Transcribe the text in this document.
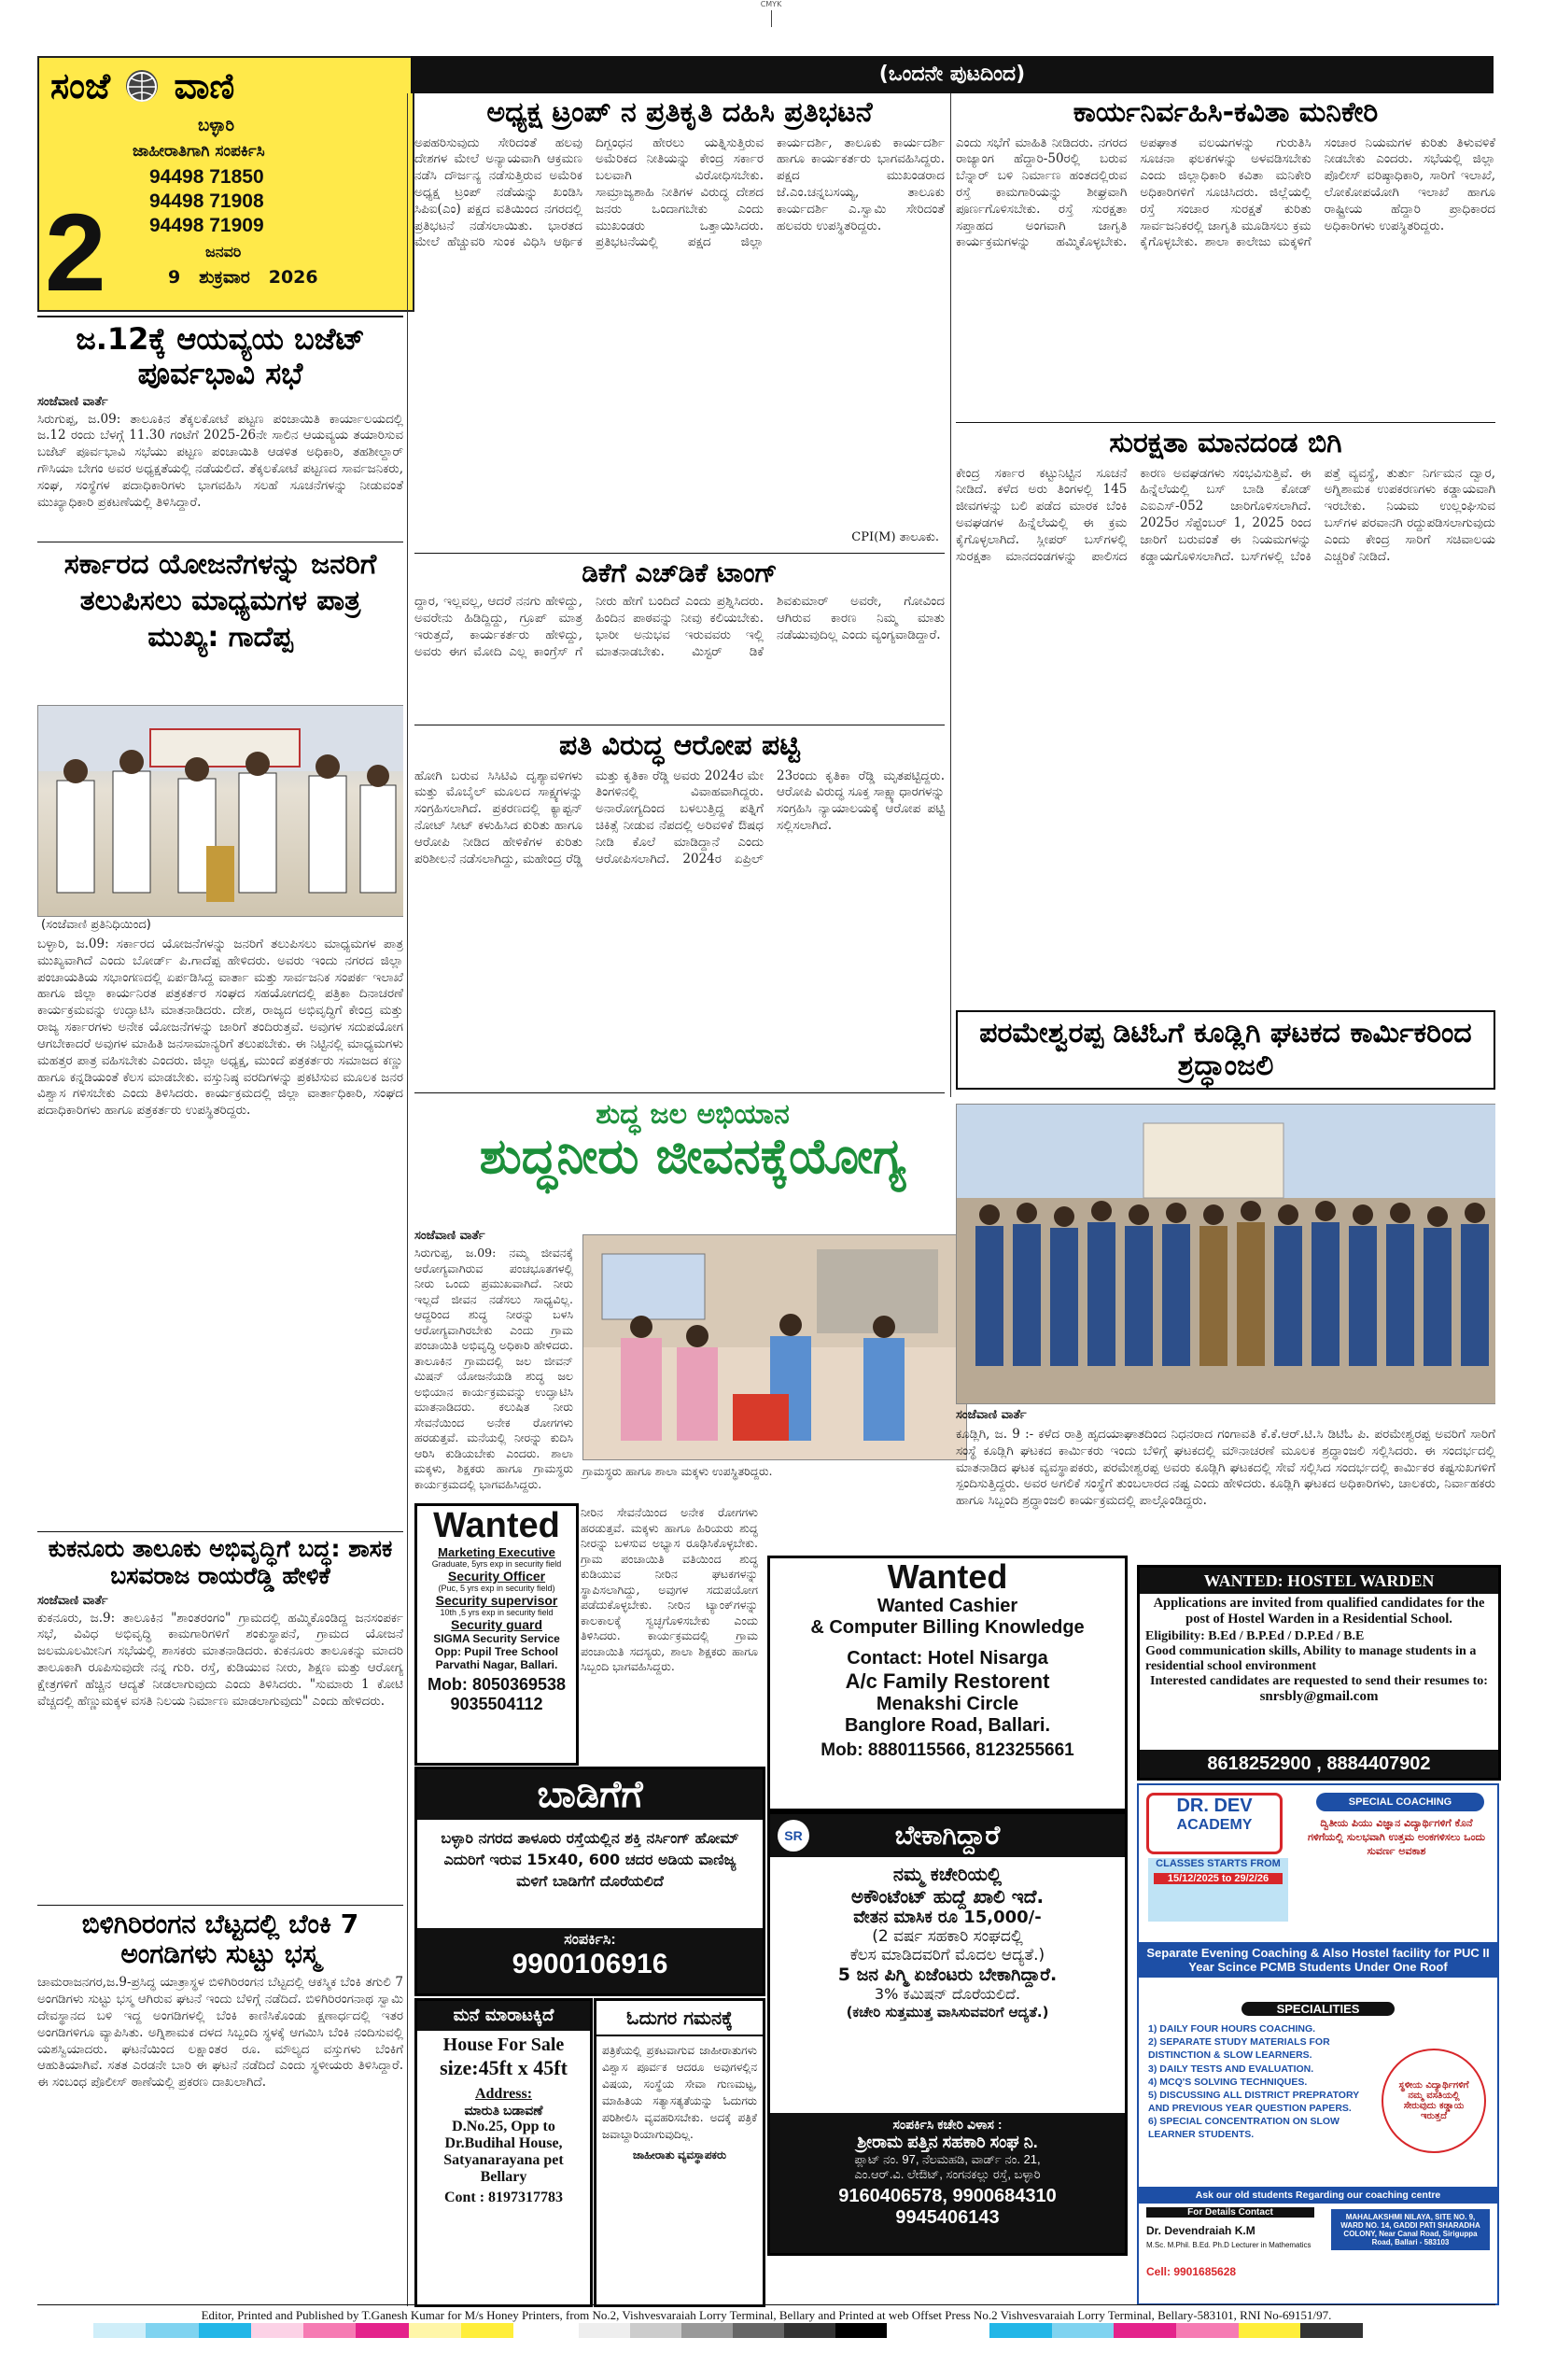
CMYK
ಸಂಜೆ ವಾಣಿ
ಬಳ್ಳಾರಿ
ಜಾಹೀರಾತಿಗಾಗಿ ಸಂಪರ್ಕಿಸಿ
94498 71850
94498 71908
94498 71909
2	ಜನವರಿ
9 ಶುಕ್ರವಾರ 2026
(ಒಂದನೇ ಪುಟದಿಂದ)
ಜ.12ಕ್ಕೆ ಆಯವ್ಯಯ ಬಜೆಟ್ ಪೂರ್ವಭಾವಿ ಸಭೆ
ಸಂಜೆವಾಣಿ ವಾರ್ತೆ
ಸಿರುಗುಪ್ಪ, ಜ.09: ತಾಲೂಕಿನ ತೆಕ್ಕಲಕೋಟೆ ಪಟ್ಟಣ ಪಂಚಾಯಿತಿ ಕಾರ್ಯಾಲಯದಲ್ಲಿ ಜ.12 ರಂದು ಬೆಳಗ್ಗೆ 11.30 ಗಂಟೆಗೆ 2025-26ನೇ ಸಾಲಿನ ಆಯವ್ಯಯ ತಯಾರಿಸುವ ಬಜೆಟ್ ಪೂರ್ವಭಾವಿ ಸಭೆಯು ಪಟ್ಟಣ ಪಂಚಾಯಿತಿ ಆಡಳಿತ ಅಧಿಕಾರಿ, ತಹಶೀಲ್ದಾರ್ ಗೌಸಿಯಾ ಬೇಗಂ ಅವರ ಅಧ್ಯಕ್ಷತೆಯಲ್ಲಿ ನಡೆಯಲಿದೆ. ತೆಕ್ಕಲಕೋಟೆ ಪಟ್ಟಣದ ಸಾರ್ವಜನಿಕರು, ಸಂಘ, ಸಂಸ್ಥೆಗಳ ಪದಾಧಿಕಾರಿಗಳು ಭಾಗವಹಿಸಿ ಸಲಹೆ ಸೂಚನೆಗಳನ್ನು ನೀಡುವಂತೆ ಮುಖ್ಯಾಧಿಕಾರಿ ಪ್ರಕಟಣೆಯಲ್ಲಿ ತಿಳಿಸಿದ್ದಾರೆ.
ಸರ್ಕಾರದ ಯೋಜನೆಗಳನ್ನು ಜನರಿಗೆ ತಲುಪಿಸಲು ಮಾಧ್ಯಮಗಳ ಪಾತ್ರ ಮುಖ್ಯ: ಗಾದೆಪ್ಪ
(ಸಂಜೆವಾಣಿ ಪ್ರತಿನಿಧಿಯಿಂದ)
ಬಳ್ಳಾರಿ, ಜ.09: ಸರ್ಕಾರದ ಯೋಜನೆಗಳನ್ನು ಜನರಿಗೆ ತಲುಪಿಸಲು ಮಾಧ್ಯಮಗಳ ಪಾತ್ರ ಮುಖ್ಯವಾಗಿದೆ ಎಂದು ಬೋರ್ಡ್ ಪಿ.ಗಾದೆಪ್ಪ ಹೇಳಿದರು. ಅವರು ಇಂದು ನಗರದ ಜಿಲ್ಲಾ ಪಂಚಾಯತಿಯ ಸಭಾಂಗಣದಲ್ಲಿ ಏರ್ಪಡಿಸಿದ್ದ ವಾರ್ತಾ ಮತ್ತು ಸಾರ್ವಜನಿಕ ಸಂಪರ್ಕ ಇಲಾಖೆ ಹಾಗೂ ಜಿಲ್ಲಾ ಕಾರ್ಯನಿರತ ಪತ್ರಕರ್ತರ ಸಂಘದ ಸಹಯೋಗದಲ್ಲಿ ಪತ್ರಿಕಾ ದಿನಾಚರಣೆ ಕಾರ್ಯಕ್ರಮವನ್ನು ಉದ್ಘಾಟಿಸಿ ಮಾತನಾಡಿದರು. ದೇಶ, ರಾಜ್ಯದ ಅಭಿವೃದ್ಧಿಗೆ ಕೇಂದ್ರ ಮತ್ತು ರಾಜ್ಯ ಸರ್ಕಾರಗಳು ಅನೇಕ ಯೋಜನೆಗಳನ್ನು ಜಾರಿಗೆ ತಂದಿರುತ್ತವೆ. ಅವುಗಳ ಸದುಪಯೋಗ ಆಗಬೇಕಾದರೆ ಅವುಗಳ ಮಾಹಿತಿ ಜನಸಾಮಾನ್ಯರಿಗೆ ತಲುಪಬೇಕು. ಈ ನಿಟ್ಟಿನಲ್ಲಿ ಮಾಧ್ಯಮಗಳು ಮಹತ್ತರ ಪಾತ್ರ ವಹಿಸಬೇಕು ಎಂದರು. ಜಿಲ್ಲಾ ಅಧ್ಯಕ್ಷ, ಮುಂದೆ ಪತ್ರಕರ್ತರು ಸಮಾಜದ ಕಣ್ಣು ಹಾಗೂ ಕನ್ನಡಿಯಂತೆ ಕೆಲಸ ಮಾಡಬೇಕು. ವಸ್ತುನಿಷ್ಠ ವರದಿಗಳನ್ನು ಪ್ರಕಟಿಸುವ ಮೂಲಕ ಜನರ ವಿಶ್ವಾಸ ಗಳಿಸಬೇಕು ಎಂದು ತಿಳಿಸಿದರು. ಕಾರ್ಯಕ್ರಮದಲ್ಲಿ ಜಿಲ್ಲಾ ವಾರ್ತಾಧಿಕಾರಿ, ಸಂಘದ ಪದಾಧಿಕಾರಿಗಳು ಹಾಗೂ ಪತ್ರಕರ್ತರು ಉಪಸ್ಥಿತರಿದ್ದರು.
ಕುಕನೂರು ತಾಲೂಕು ಅಭಿವೃದ್ಧಿಗೆ ಬದ್ಧ: ಶಾಸಕ ಬಸವರಾಜ ರಾಯರೆಡ್ಡಿ ಹೇಳಿಕೆ
ಸಂಜೆವಾಣಿ ವಾರ್ತೆ
ಕುಕನೂರು, ಜ.9: ತಾಲೂಕಿನ "ಶಾಂತರಂಗಂ" ಗ್ರಾಮದಲ್ಲಿ ಹಮ್ಮಿಕೊಂಡಿದ್ದ ಜನಸಂಪರ್ಕ ಸಭೆ, ವಿವಿಧ ಅಭಿವೃದ್ಧಿ ಕಾಮಗಾರಿಗಳಿಗೆ ಶಂಕುಸ್ಥಾಪನೆ, ಗ್ರಾಮದ ಯೋಜನೆ ಜಲಮೂಲಮೀನಿಗ ಸಭೆಯಲ್ಲಿ ಶಾಸಕರು ಮಾತನಾಡಿದರು. ಕುಕನೂರು ತಾಲೂಕನ್ನು ಮಾದರಿ ತಾಲೂಕಾಗಿ ರೂಪಿಸುವುದೇ ನನ್ನ ಗುರಿ. ರಸ್ತೆ, ಕುಡಿಯುವ ನೀರು, ಶಿಕ್ಷಣ ಮತ್ತು ಆರೋಗ್ಯ ಕ್ಷೇತ್ರಗಳಿಗೆ ಹೆಚ್ಚಿನ ಆದ್ಯತೆ ನೀಡಲಾಗುವುದು ಎಂದು ತಿಳಿಸಿದರು. "ಸುಮಾರು 1 ಕೋಟಿ ವೆಚ್ಚದಲ್ಲಿ ಹೆಣ್ಣುಮಕ್ಕಳ ವಸತಿ ನಿಲಯ ನಿರ್ಮಾಣ ಮಾಡಲಾಗುವುದು" ಎಂದು ಹೇಳಿದರು.
ಬಿಳಿಗಿರಿರಂಗನ ಬೆಟ್ಟದಲ್ಲಿ ಬೆಂಕಿ 7 ಅಂಗಡಿಗಳು ಸುಟ್ಟು ಭಸ್ಮ
ಚಾಮರಾಜನಗರ,ಜ.9-ಪ್ರಸಿದ್ಧ ಯಾತ್ರಾಸ್ಥಳ ಬಿಳಿಗಿರಿರಂಗನ ಬೆಟ್ಟದಲ್ಲಿ ಆಕಸ್ಮಿಕ ಬೆಂಕಿ ತಗುಲಿ 7 ಅಂಗಡಿಗಳು ಸುಟ್ಟು ಭಸ್ಮ ಆಗಿರುವ ಘಟನೆ ಇಂದು ಬೆಳಿಗ್ಗೆ ನಡೆದಿದೆ. ಬಿಳಿಗಿರಿರಂಗನಾಥ ಸ್ವಾಮಿ ದೇವಸ್ಥಾನದ ಬಳಿ ಇದ್ದ ಅಂಗಡಿಗಳಲ್ಲಿ ಬೆಂಕಿ ಕಾಣಿಸಿಕೊಂಡು ಕ್ಷಣಾರ್ಧದಲ್ಲಿ ಇತರ ಅಂಗಡಿಗಳಿಗೂ ವ್ಯಾಪಿಸಿತು. ಅಗ್ನಿಶಾಮಕ ದಳದ ಸಿಬ್ಬಂದಿ ಸ್ಥಳಕ್ಕೆ ಆಗಮಿಸಿ ಬೆಂಕಿ ನಂದಿಸುವಲ್ಲಿ ಯಶಸ್ವಿಯಾದರು. ಘಟನೆಯಿಂದ ಲಕ್ಷಾಂತರ ರೂ. ಮೌಲ್ಯದ ವಸ್ತುಗಳು ಬೆಂಕಿಗೆ ಆಹುತಿಯಾಗಿವೆ. ಸತತ ಎರಡನೇ ಬಾರಿ ಈ ಘಟನೆ ನಡೆದಿದೆ ಎಂದು ಸ್ಥಳೀಯರು ತಿಳಿಸಿದ್ದಾರೆ. ಈ ಸಂಬಂಧ ಪೊಲೀಸ್ ಠಾಣೆಯಲ್ಲಿ ಪ್ರಕರಣ ದಾಖಲಾಗಿದೆ.
ಅಧ್ಯಕ್ಷ ಟ್ರಂಪ್ ನ ಪ್ರತಿಕೃತಿ ದಹಿಸಿ ಪ್ರತಿಭಟನೆ
ಅಪಹರಿಸುವುದು ಸೇರಿದಂತೆ ಹಲವು ದೇಶಗಳ ಮೇಲೆ ಅನ್ಯಾಯವಾಗಿ ಆಕ್ರಮಣ ನಡೆಸಿ ದೌರ್ಜನ್ಯ ನಡೆಸುತ್ತಿರುವ ಅಮೆರಿಕ ಅಧ್ಯಕ್ಷ ಟ್ರಂಪ್ ನಡೆಯನ್ನು ಖಂಡಿಸಿ ಸಿಪಿಐ(ಎಂ) ಪಕ್ಷದ ವತಿಯಿಂದ ನಗರದಲ್ಲಿ ಪ್ರತಿಭಟನೆ ನಡೆಸಲಾಯಿತು. ಭಾರತದ ಮೇಲೆ ಹೆಚ್ಚುವರಿ ಸುಂಕ ವಿಧಿಸಿ ಆರ್ಥಿಕ ದಿಗ್ಬಂಧನ ಹೇರಲು ಯತ್ನಿಸುತ್ತಿರುವ ಅಮೆರಿಕದ ನೀತಿಯನ್ನು ಕೇಂದ್ರ ಸರ್ಕಾರ ಬಲವಾಗಿ ವಿರೋಧಿಸಬೇಕು. ಸಾಮ್ರಾಜ್ಯಶಾಹಿ ನೀತಿಗಳ ವಿರುದ್ಧ ದೇಶದ ಜನರು ಒಂದಾಗಬೇಕು ಎಂದು ಮುಖಂಡರು ಒತ್ತಾಯಿಸಿದರು. ಪ್ರತಿಭಟನೆಯಲ್ಲಿ ಪಕ್ಷದ ಜಿಲ್ಲಾ ಕಾರ್ಯದರ್ಶಿ, ತಾಲೂಕು ಕಾರ್ಯದರ್ಶಿ ಹಾಗೂ ಕಾರ್ಯಕರ್ತರು ಭಾಗವಹಿಸಿದ್ದರು. ಪಕ್ಷದ ಮುಖಂಡರಾದ ಜೆ.ಎಂ.ಚನ್ನಬಸಯ್ಯ, ತಾಲೂಕು ಕಾರ್ಯದರ್ಶಿ ಎ.ಸ್ವಾಮಿ ಸೇರಿದಂತೆ ಹಲವರು ಉಪಸ್ಥಿತರಿದ್ದರು.
CPI(M) ತಾಲೂಕು.
ಡಿಕೆಗೆ ಎಚ್‌ಡಿಕೆ ಟಾಂಗ್
ದ್ದಾರ, ಇಲ್ಲವಲ್ಲ, ಆದರೆ ನನಗು ಹೇಳಿದ್ದು, ಅವರೇನು ಹಿಡಿದ್ದಿದ್ದು, ಗ್ರೂಪ್ ಮಾತ್ರ ಇರುತ್ತದೆ, ಕಾರ್ಯಕರ್ತರು ಹೇಳಿದ್ದು, ಅವರು ಈಗ ಮೋದಿ ಎಲ್ಲ ಕಾಂಗ್ರೆಸ್ ಗೆ ನೀರು ಹೇಗೆ ಬಂದಿದೆ ಎಂದು ಪ್ರಶ್ನಿಸಿದರು. ಹಿಂದಿನ ಪಾಠವನ್ನು ನೀವು ಕಲಿಯಬೇಕು. ಭಾರೀ ಅನುಭವ ಇರುವವರು ಇಲ್ಲಿ ಮಾತನಾಡಬೇಕು. ಮಿಸ್ಟರ್ ಡಿಕೆ ಶಿವಕುಮಾರ್ ಅವರೇ, ಗೋವಿಂದ ಆಗಿರುವ ಕಾರಣ ನಿಮ್ಮ ಮಾತು ನಡೆಯುವುದಿಲ್ಲ ಎಂದು ವ್ಯಂಗ್ಯವಾಡಿದ್ದಾರೆ.
ಪತಿ ವಿರುದ್ಧ ಆರೋಪ ಪಟ್ಟಿ
ಹೋಗಿ ಬರುವ ಸಿಸಿಟಿವಿ ದೃಶ್ಯಾವಳಿಗಳು ಮತ್ತು ಮೊಬೈಲ್ ಮೂಲದ ಸಾಕ್ಷ್ಯಗಳನ್ನು ಸಂಗ್ರಹಿಸಲಾಗಿದೆ. ಪ್ರಕರಣದಲ್ಲಿ ಕ್ಯಾಪ್ಟನ್ ನೋಟ್ ಸೀಟ್ ಕಳುಹಿಸಿದ ಕುರಿತು ಹಾಗೂ ಆರೋಪಿ ನೀಡಿದ ಹೇಳಿಕೆಗಳ ಕುರಿತು ಪರಿಶೀಲನೆ ನಡೆಸಲಾಗಿದ್ದು, ಮಹೇಂದ್ರ ರೆಡ್ಡಿ ಮತ್ತು ಕೃತಿಕಾ ರೆಡ್ಡಿ ಅವರು 2024ರ ಮೇ ತಿಂಗಳಿನಲ್ಲಿ ವಿವಾಹವಾಗಿದ್ದರು. ಅನಾರೋಗ್ಯದಿಂದ ಬಳಲುತ್ತಿದ್ದ ಪತ್ನಿಗೆ ಚಿಕಿತ್ಸೆ ನೀಡುವ ನೆಪದಲ್ಲಿ ಅರಿವಳಿಕೆ ಔಷಧ ನೀಡಿ ಕೊಲೆ ಮಾಡಿದ್ದಾನೆ ಎಂದು ಆರೋಪಿಸಲಾಗಿದೆ. 2024ರ ಏಪ್ರಿಲ್ 23ರಂದು ಕೃತಿಕಾ ರೆಡ್ಡಿ ಮೃತಪಟ್ಟಿದ್ದರು. ಆರೋಪಿ ವಿರುದ್ಧ ಸೂಕ್ತ ಸಾಕ್ಷ್ಯಾಧಾರಗಳನ್ನು ಸಂಗ್ರಹಿಸಿ ನ್ಯಾಯಾಲಯಕ್ಕೆ ಆರೋಪ ಪಟ್ಟಿ ಸಲ್ಲಿಸಲಾಗಿದೆ.
ಶುದ್ಧ ಜಲ ಅಭಿಯಾನ
ಶುದ್ಧನೀರು ಜೀವನಕ್ಕೆಯೋಗ್ಯ
ಸಂಜೆವಾಣಿ ವಾರ್ತೆ
ಸಿರುಗುಪ್ಪ, ಜ.09: ನಮ್ಮ ಜೀವನಕ್ಕೆ ಆರೋಗ್ಯವಾಗಿರುವ ಪಂಚಭೂತಗಳಲ್ಲಿ ನೀರು ಒಂದು ಪ್ರಮುಖವಾಗಿದೆ. ನೀರು ಇಲ್ಲದೆ ಜೀವನ ನಡೆಸಲು ಸಾಧ್ಯವಿಲ್ಲ. ಆದ್ದರಿಂದ ಶುದ್ಧ ನೀರನ್ನು ಬಳಸಿ ಆರೋಗ್ಯವಾಗಿರಬೇಕು ಎಂದು ಗ್ರಾಮ ಪಂಚಾಯಿತಿ ಅಭಿವೃದ್ಧಿ ಅಧಿಕಾರಿ ಹೇಳಿದರು. ತಾಲೂಕಿನ ಗ್ರಾಮದಲ್ಲಿ ಜಲ ಜೀವನ್ ಮಿಷನ್ ಯೋಜನೆಯಡಿ ಶುದ್ಧ ಜಲ ಅಭಿಯಾನ ಕಾರ್ಯಕ್ರಮವನ್ನು ಉದ್ಘಾಟಿಸಿ ಮಾತನಾಡಿದರು. ಕಲುಷಿತ ನೀರು ಸೇವನೆಯಿಂದ ಅನೇಕ ರೋಗಗಳು ಹರಡುತ್ತವೆ. ಮನೆಯಲ್ಲಿ ನೀರನ್ನು ಕುದಿಸಿ ಆರಿಸಿ ಕುಡಿಯಬೇಕು ಎಂದರು. ಶಾಲಾ ಮಕ್ಕಳು, ಶಿಕ್ಷಕರು ಹಾಗೂ ಗ್ರಾಮಸ್ಥರು ಕಾರ್ಯಕ್ರಮದಲ್ಲಿ ಭಾಗವಹಿಸಿದ್ದರು.
ಗ್ರಾಮಸ್ಥರು ಹಾಗೂ ಶಾಲಾ ಮಕ್ಕಳು ಉಪಸ್ಥಿತರಿದ್ದರು.
Wanted
Marketing Executive
Graduate, 5yrs exp in security field
Security Officer
(Puc, 5 yrs exp in security field)
Security supervisor
10th ,5 yrs exp in security field
Security guard
SIGMA Security Service
Opp: Pupil Tree School
Parvathi Nagar, Ballari.
Mob: 8050369538
9035504112
ನೀರಿನ ಸೇವನೆಯಿಂದ ಅನೇಕ ರೋಗಗಳು ಹರಡುತ್ತವೆ. ಮಕ್ಕಳು ಹಾಗೂ ಹಿರಿಯರು ಶುದ್ಧ ನೀರನ್ನು ಬಳಸುವ ಅಭ್ಯಾಸ ರೂಢಿಸಿಕೊಳ್ಳಬೇಕು. ಗ್ರಾಮ ಪಂಚಾಯಿತಿ ವತಿಯಿಂದ ಶುದ್ಧ ಕುಡಿಯುವ ನೀರಿನ ಘಟಕಗಳನ್ನು ಸ್ಥಾಪಿಸಲಾಗಿದ್ದು, ಅವುಗಳ ಸದುಪಯೋಗ ಪಡೆದುಕೊಳ್ಳಬೇಕು. ನೀರಿನ ಟ್ಯಾಂಕ್‌ಗಳನ್ನು ಕಾಲಕಾಲಕ್ಕೆ ಸ್ವಚ್ಛಗೊಳಿಸಬೇಕು ಎಂದು ತಿಳಿಸಿದರು. ಕಾರ್ಯಕ್ರಮದಲ್ಲಿ ಗ್ರಾಮ ಪಂಚಾಯಿತಿ ಸದಸ್ಯರು, ಶಾಲಾ ಶಿಕ್ಷಕರು ಹಾಗೂ ಸಿಬ್ಬಂದಿ ಭಾಗವಹಿಸಿದ್ದರು.
ಬಾಡಿಗೆಗೆ
ಬಳ್ಳಾರಿ ನಗರದ ತಾಳೂರು ರಸ್ತೆಯಲ್ಲಿನ ಶಕ್ತಿ ನರ್ಸಿಂಗ್ ಹೋಮ್ ಎದುರಿಗೆ ಇರುವ 15x40, 600 ಚದರ ಅಡಿಯ ವಾಣಿಜ್ಯ ಮಳಿಗೆ ಬಾಡಿಗೆಗೆ ದೊರೆಯಲಿದೆ
ಸಂಪರ್ಕಿಸಿ:
9900106916
ಮನೆ ಮಾರಾಟಕ್ಕಿದೆ
House For Sale
size:45ft x 45ft
Address:
ಮಾರುತಿ ಬಡಾವಣೆ
D.No.25, Opp to
Dr.Budihal House,
Satyanarayana pet
Bellary
Cont : 8197317783
ಓದುಗರ ಗಮನಕ್ಕೆ
ಪತ್ರಿಕೆಯಲ್ಲಿ ಪ್ರಕಟವಾಗುವ ಜಾಹೀರಾತುಗಳು ವಿಶ್ವಾಸ ಪೂರ್ವಕ ಆದರೂ ಅವುಗಳಲ್ಲಿನ ವಿಷಯ, ಸಂಸ್ಥೆಯ ಸೇವಾ ಗುಣಮಟ್ಟ, ಮಾಹಿತಿಯ ಸತ್ಯಾಸತ್ಯತೆಯನ್ನು ಓದುಗರು ಪರಿಶೀಲಿಸಿ ವ್ಯವಹರಿಸಬೇಕು. ಅದಕ್ಕೆ ಪತ್ರಿಕೆ ಜವಾಬ್ದಾರಿಯಾಗುವುದಿಲ್ಲ.
ಜಾಹೀರಾತು ವ್ಯವಸ್ಥಾಪಕರು
ಕಾರ್ಯನಿರ್ವಹಿಸಿ-ಕವಿತಾ ಮನಿಕೇರಿ
ಎಂದು ಸಭೆಗೆ ಮಾಹಿತಿ ನೀಡಿದರು. ನಗರದ ರಾಜ್ಯಾಂಗ ಹೆದ್ದಾರಿ-50ರಲ್ಲಿ ಬರುವ ಬೆನ್ನಾರ್ ಬಳಿ ನಿರ್ಮಾಣ ಹಂತದಲ್ಲಿರುವ ರಸ್ತೆ ಕಾಮಗಾರಿಯನ್ನು ಶೀಘ್ರವಾಗಿ ಪೂರ್ಣಗೊಳಿಸಬೇಕು. ರಸ್ತೆ ಸುರಕ್ಷತಾ ಸಪ್ತಾಹದ ಅಂಗವಾಗಿ ಜಾಗೃತಿ ಕಾರ್ಯಕ್ರಮಗಳನ್ನು ಹಮ್ಮಿಕೊಳ್ಳಬೇಕು. ಅಪಘಾತ ವಲಯಗಳನ್ನು ಗುರುತಿಸಿ ಸೂಚನಾ ಫಲಕಗಳನ್ನು ಅಳವಡಿಸಬೇಕು ಎಂದು ಜಿಲ್ಲಾಧಿಕಾರಿ ಕವಿತಾ ಮನಿಕೇರಿ ಅಧಿಕಾರಿಗಳಿಗೆ ಸೂಚಿಸಿದರು. ಜಿಲ್ಲೆಯಲ್ಲಿ ರಸ್ತೆ ಸಂಚಾರ ಸುರಕ್ಷತೆ ಕುರಿತು ಸಾರ್ವಜನಿಕರಲ್ಲಿ ಜಾಗೃತಿ ಮೂಡಿಸಲು ಕ್ರಮ ಕೈಗೊಳ್ಳಬೇಕು. ಶಾಲಾ ಕಾಲೇಜು ಮಕ್ಕಳಿಗೆ ಸಂಚಾರ ನಿಯಮಗಳ ಕುರಿತು ತಿಳುವಳಿಕೆ ನೀಡಬೇಕು ಎಂದರು. ಸಭೆಯಲ್ಲಿ ಜಿಲ್ಲಾ ಪೊಲೀಸ್ ವರಿಷ್ಠಾಧಿಕಾರಿ, ಸಾರಿಗೆ ಇಲಾಖೆ, ಲೋಕೋಪಯೋಗಿ ಇಲಾಖೆ ಹಾಗೂ ರಾಷ್ಟ್ರೀಯ ಹೆದ್ದಾರಿ ಪ್ರಾಧಿಕಾರದ ಅಧಿಕಾರಿಗಳು ಉಪಸ್ಥಿತರಿದ್ದರು.
ಸುರಕ್ಷತಾ ಮಾನದಂಡ ಬಿಗಿ
ಕೇಂದ್ರ ಸರ್ಕಾರ ಕಟ್ಟುನಿಟ್ಟಿನ ಸೂಚನೆ ನೀಡಿದೆ. ಕಳೆದ ಅರು ತಿಂಗಳಲ್ಲಿ 145 ಜೀವಗಳನ್ನು ಬಲಿ ಪಡೆದ ಮಾರಕ ಬೆಂಕಿ ಅವಘಡಗಳ ಹಿನ್ನೆಲೆಯಲ್ಲಿ ಈ ಕ್ರಮ ಕೈಗೊಳ್ಳಲಾಗಿದೆ. ಸ್ಲೀಪರ್ ಬಸ್‌ಗಳಲ್ಲಿ ಸುರಕ್ಷತಾ ಮಾನದಂಡಗಳನ್ನು ಪಾಲಿಸದ ಕಾರಣ ಅವಘಡಗಳು ಸಂಭವಿಸುತ್ತಿವೆ. ಈ ಹಿನ್ನೆಲೆಯಲ್ಲಿ ಬಸ್ ಬಾಡಿ ಕೋಡ್ ಎಐಎಸ್-052 ಜಾರಿಗೊಳಿಸಲಾಗಿದೆ. 2025ರ ಸೆಪ್ಟೆಂಬರ್ 1, 2025 ರಿಂದ ಜಾರಿಗೆ ಬರುವಂತೆ ಈ ನಿಯಮಗಳನ್ನು ಕಡ್ಡಾಯಗೊಳಿಸಲಾಗಿದೆ. ಬಸ್‌ಗಳಲ್ಲಿ ಬೆಂಕಿ ಪತ್ತೆ ವ್ಯವಸ್ಥೆ, ತುರ್ತು ನಿರ್ಗಮನ ದ್ವಾರ, ಅಗ್ನಿಶಾಮಕ ಉಪಕರಣಗಳು ಕಡ್ಡಾಯವಾಗಿ ಇರಬೇಕು. ನಿಯಮ ಉಲ್ಲಂಘಿಸುವ ಬಸ್‌ಗಳ ಪರವಾನಗಿ ರದ್ದುಪಡಿಸಲಾಗುವುದು ಎಂದು ಕೇಂದ್ರ ಸಾರಿಗೆ ಸಚಿವಾಲಯ ಎಚ್ಚರಿಕೆ ನೀಡಿದೆ.
ಪರಮೇಶ್ವರಪ್ಪ ಡಿಟಿಓಗೆ ಕೂಡ್ಲಿಗಿ ಘಟಕದ ಕಾರ್ಮಿಕರಿಂದ ಶ್ರದ್ಧಾಂಜಲಿ
ಸಂಜೆವಾಣಿ ವಾರ್ತೆ
ಕೂಡ್ಲಿಗಿ, ಜ. 9 :- ಕಳೆದ ರಾತ್ರಿ ಹೃದಯಾಘಾತದಿಂದ ನಿಧನರಾದ ಗಂಗಾವತಿ ಕೆ.ಕೆ.ಆರ್.ಟಿ.ಸಿ ಡಿಟಿಓ ಪಿ. ಪರಮೇಶ್ವರಪ್ಪ ಅವರಿಗೆ ಸಾರಿಗೆ ಸಂಸ್ಥೆ ಕೂಡ್ಲಿಗಿ ಘಟಕದ ಕಾರ್ಮಿಕರು ಇಂದು ಬೆಳಿಗ್ಗೆ ಘಟಕದಲ್ಲಿ ಮೌನಾಚರಣೆ ಮೂಲಕ ಶ್ರದ್ಧಾಂಜಲಿ ಸಲ್ಲಿಸಿದರು. ಈ ಸಂದರ್ಭದಲ್ಲಿ ಮಾತನಾಡಿದ ಘಟಕ ವ್ಯವಸ್ಥಾಪಕರು, ಪರಮೇಶ್ವರಪ್ಪ ಅವರು ಕೂಡ್ಲಿಗಿ ಘಟಕದಲ್ಲಿ ಸೇವೆ ಸಲ್ಲಿಸಿದ ಸಂದರ್ಭದಲ್ಲಿ ಕಾರ್ಮಿಕರ ಕಷ್ಟಸುಖಗಳಿಗೆ ಸ್ಪಂದಿಸುತ್ತಿದ್ದರು. ಅವರ ಅಗಲಿಕೆ ಸಂಸ್ಥೆಗೆ ತುಂಬಲಾರದ ನಷ್ಟ ಎಂದು ಹೇಳಿದರು. ಕೂಡ್ಲಿಗಿ ಘಟಕದ ಅಧಿಕಾರಿಗಳು, ಚಾಲಕರು, ನಿರ್ವಾಹಕರು ಹಾಗೂ ಸಿಬ್ಬಂದಿ ಶ್ರದ್ಧಾಂಜಲಿ ಕಾರ್ಯಕ್ರಮದಲ್ಲಿ ಪಾಲ್ಗೊಂಡಿದ್ದರು.
Wanted
Wanted Cashier
& Computer Billing Knowledge
Contact: Hotel Nisarga
A/c Family Restorent
Menakshi Circle
Banglore Road, Ballari.
Mob: 8880115566, 8123255661
WANTED: HOSTEL WARDEN
Applications are invited from qualified candidates for the post of Hostel Warden in a Residential School.
Eligibility: B.Ed / B.P.Ed / D.P.Ed / B.E
Good communication skills, Ability to manage students in a residential school environment
Interested candidates are requested to send their resumes to:
snrsbly@gmail.com
8618252900 , 8884407902
SR	ಬೇಕಾಗಿದ್ದಾರೆ
ನಮ್ಮ ಕಚೇರಿಯಲ್ಲಿ
ಅಕೌಂಟೆಂಟ್ ಹುದ್ದೆ ಖಾಲಿ ಇದೆ.
ವೇತನ ಮಾಸಿಕ ರೂ 15,000/-
(2 ವರ್ಷ ಸಹಕಾರಿ ಸಂಘದಲ್ಲಿ
ಕೆಲಸ ಮಾಡಿದವರಿಗೆ ಮೊದಲ ಆದ್ಯತೆ.)
5 ಜನ ಪಿಗ್ಮಿ ಏಜೆಂಟರು ಬೇಕಾಗಿದ್ದಾರೆ.
3% ಕಮಿಷನ್ ದೊರೆಯಲಿದೆ.
(ಕಚೇರಿ ಸುತ್ತಮುತ್ತ ವಾಸಿಸುವವರಿಗೆ ಆದ್ಯತೆ.)
ಸಂಪರ್ಕಿಸಿ ಕಚೇರಿ ವಿಳಾಸ :
ಶ್ರೀರಾಮ ಪತ್ತಿನ ಸಹಕಾರಿ ಸಂಘ ನಿ.
ಪ್ಲಾಟ್ ನಂ. 97, ನೆಲಮಹಡಿ, ವಾರ್ಡ್ ನಂ. 21,
ಎಂ.ಆರ್.ವಿ. ಲೇಔಟ್, ಸಂಗನಕಲ್ಲು ರಸ್ತೆ, ಬಳ್ಳಾರಿ
9160406578, 9900684310
9945406143
DR. DEV
ACADEMY
SPECIAL COACHING
ದ್ವಿತೀಯ ಪಿಯು ವಿಜ್ಞಾನ ವಿದ್ಯಾರ್ಥಿಗಳಿಗೆ ಕೊನೆ ಗಳಿಗೆಯಲ್ಲಿ ಸುಲಭವಾಗಿ ಉತ್ತಮ ಅಂಕಗಳಿಸಲು ಒಂದು ಸುವರ್ಣ ಅವಕಾಶ
CLASSES STARTS FROM
15/12/2025 to 29/2/26
Separate Evening Coaching & Also Hostel facility for PUC II Year Scince PCMB Students Under One Roof
SPECIALITIES
1) DAILY FOUR HOURS COACHING.
2) SEPARATE STUDY MATERIALS FOR DISTINCTION & SLOW LEARNERS.
3) DAILY TESTS AND EVALUATION.
4) MCQ'S SOLVING TECHNIQUES.
5) DISCUSSING ALL DISTRICT PREPRATORY AND PREVIOUS YEAR QUESTION PAPERS.
6) SPECIAL CONCENTRATION ON SLOW LEARNER STUDENTS.
ಸ್ಥಳೀಯ ವಿದ್ಯಾರ್ಥಿಗಳಿಗೆ ನಮ್ಮ ವಸತಿಯಲ್ಲಿ ಸೇರುವುದು ಕಡ್ಡಾಯ ಇರುತ್ತದೆ
Ask our old students Regarding our coaching centre
For Details Contact
Dr. Devendraiah K.M
M.Sc. M.Phil. B.Ed. Ph.D Lecturer in Mathematics
Cell: 9901685628
MAHALAKSHMI NILAYA, SITE NO. 9, WARD NO. 14, GADDI PATI SHARADHA COLONY, Near Canal Road, Siriguppa Road, Ballari - 583103
Editor, Printed and Published by T.Ganesh Kumar for M/s Honey Printers, from No.2, Vishvesvaraiah Lorry Terminal, Bellary and Printed at web Offset Press No.2 Vishvesvaraiah Lorry Terminal, Bellary-583101, RNI No-69151/97.
